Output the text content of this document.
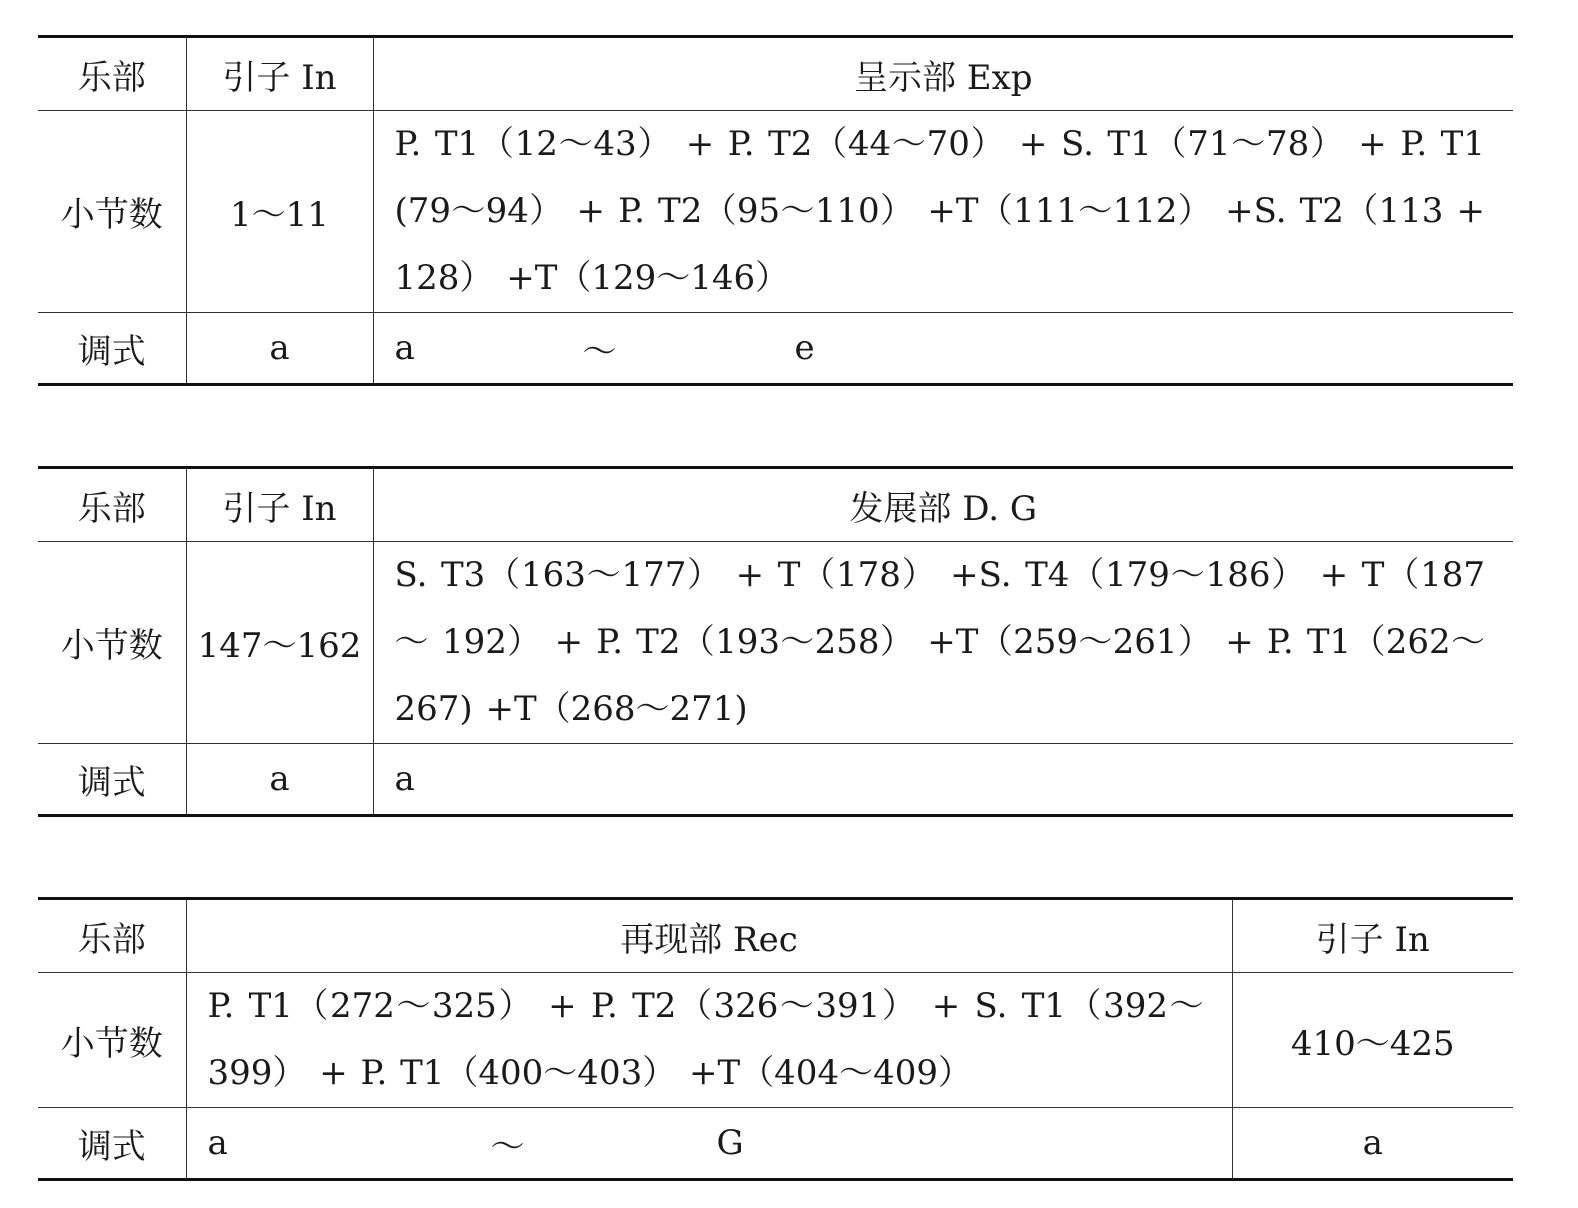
乐部	引子 In	呈示部 Exp
小节数	1～11	P. T1（12～43） + P. T2（44～70） + S. T1（71～78） + P. T1 (79～94） + P. T2（95～110） +T（111～112） +S. T2（113 + 128） +T（129～146）
调式	a	a ～ e
乐部	引子 In	发展部 D. G
小节数	147～162	S. T3（163～177） + T（178） +S. T4（179～186） + T（187～ 192） + P. T2（193～258） +T（259～261） + P. T1（262～267) +T（268～271)
调式	a	a
乐部	再现部 Rec	引子 In
小节数	P. T1（272～325） + P. T2（326～391） + S. T1（392～399） + P. T1（400～403） +T（404～409）	410～425
调式	a ～ G	a
